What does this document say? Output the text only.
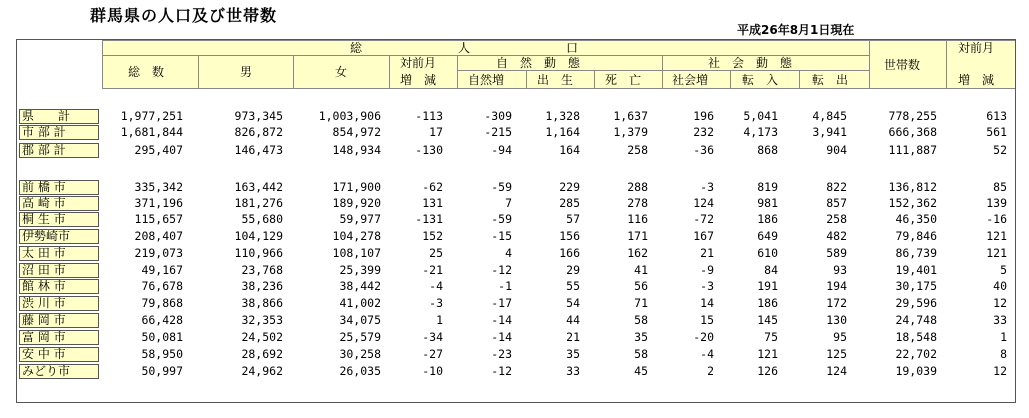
群馬県の人口及び世帯数
平成26年8月1日現在
総　　　　　　　　人　　　　　　　　口
総　数	男	女
対前月
増　減
自　然　動　態
自然増	出　生	死　亡
社　会　動　態
社会増	転　入	転　出
世帯数
対前月
増　減
県　　計	1,977,251	973,345	1,003,906	-113	-309	1,328	1,637	196	5,041	4,845	778,255	613
市 部 計	1,681,844	826,872	854,972	17	-215	1,164	1,379	232	4,173	3,941	666,368	561
郡 部 計	295,407	146,473	148,934	-130	-94	164	258	-36	868	904	111,887	52
前 橋 市	335,342	163,442	171,900	-62	-59	229	288	-3	819	822	136,812	85
高 崎 市	371,196	181,276	189,920	131	7	285	278	124	981	857	152,362	139
桐 生 市	115,657	55,680	59,977	-131	-59	57	116	-72	186	258	46,350	-16
伊勢崎市	208,407	104,129	104,278	152	-15	156	171	167	649	482	79,846	121
太 田 市	219,073	110,966	108,107	25	4	166	162	21	610	589	86,739	121
沼 田 市	49,167	23,768	25,399	-21	-12	29	41	-9	84	93	19,401	5
館 林 市	76,678	38,236	38,442	-4	-1	55	56	-3	191	194	30,175	40
渋 川 市	79,868	38,866	41,002	-3	-17	54	71	14	186	172	29,596	12
藤 岡 市	66,428	32,353	34,075	1	-14	44	58	15	145	130	24,748	33
富 岡 市	50,081	24,502	25,579	-34	-14	21	35	-20	75	95	18,548	1
安 中 市	58,950	28,692	30,258	-27	-23	35	58	-4	121	125	22,702	8
みどり市	50,997	24,962	26,035	-10	-12	33	45	2	126	124	19,039	12
